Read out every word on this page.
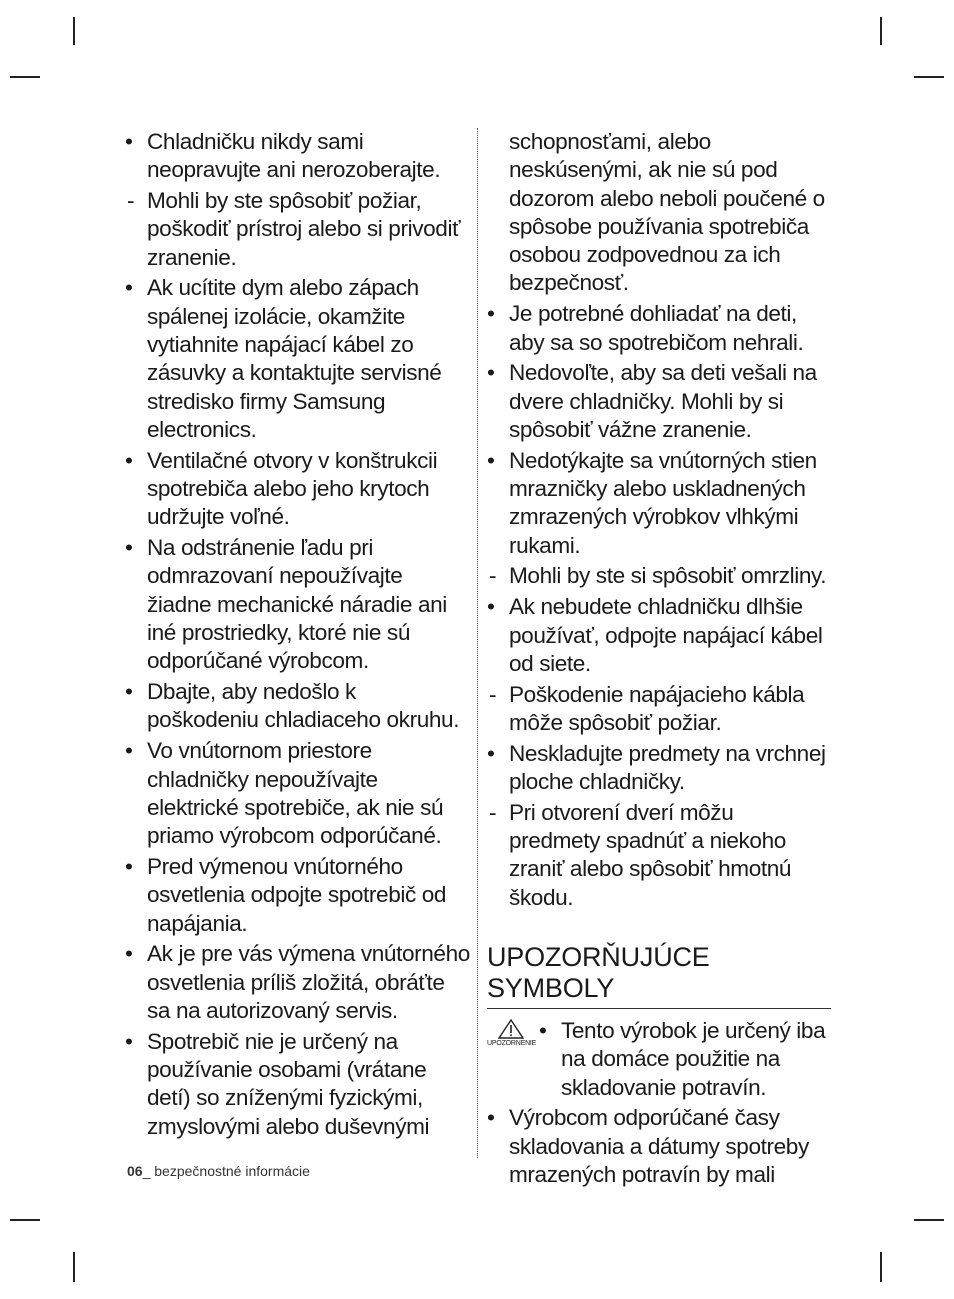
•
Chladničku nikdy sami neopravujte ani nerozoberajte.
-
Mohli by ste spôsobiť požiar, poškodiť prístroj alebo si privodiť zranenie.
•
Ak ucítite dym alebo zápach spálenej izolácie, okamžite vytiahnite napájací kábel zo zásuvky a kontaktujte servisné stredisko firmy Samsung electronics.
•
Ventilačné otvory v konštrukcii spotrebiča alebo jeho krytoch udržujte voľné.
•
Na odstránenie ľadu pri odmrazovaní nepoužívajte žiadne mechanické náradie ani iné prostriedky, ktoré nie sú odporúčané výrobcom.
•
Dbajte, aby nedošlo k poškodeniu chladiaceho okruhu.
•
Vo vnútornom priestore chladničky nepoužívajte elektrické spotrebiče, ak nie sú priamo výrobcom odporúčané.
•
Pred výmenou vnútorného osvetlenia odpojte spotrebič od napájania.
•
Ak je pre vás výmena vnútorného osvetlenia príliš zložitá, obráťte sa na autorizovaný servis.
•
Spotrebič nie je určený na používanie osobami (vrátane detí) so zníženými fyzickými, zmyslovými alebo duševnými
schopnosťami, alebo neskúsenými, ak nie sú pod dozorom alebo neboli poučené o spôsobe používania spotrebiča osobou zodpovednou za ich bezpečnosť.
•
Je potrebné dohliadať na deti, aby sa so spotrebičom nehrali.
•
Nedovoľte, aby sa deti vešali na dvere chladničky. Mohli by si spôsobiť vážne zranenie.
•
Nedotýkajte sa vnútorných stien mrazničky alebo uskladnených zmrazených výrobkov vlhkými rukami.
-
Mohli by ste si spôsobiť omrzliny.
•
Ak nebudete chladničku dlhšie používať, odpojte napájací kábel od siete.
-
Poškodenie napájacieho kábla môže spôsobiť požiar.
•
Neskladujte predmety na vrchnej ploche chladničky.
-
Pri otvorení dverí môžu predmety spadnúť a niekoho zraniť alebo spôsobiť hmotnú škodu.
UPOZORŇUJÚCE
SYMBOLY
UPOZORNENIE
•
Tento výrobok je určený iba na domáce použitie na skladovanie potravín.
•
Výrobcom odporúčané časy skladovania a dátumy spotreby mrazených potravín by mali
06_ bezpečnostné informácie
